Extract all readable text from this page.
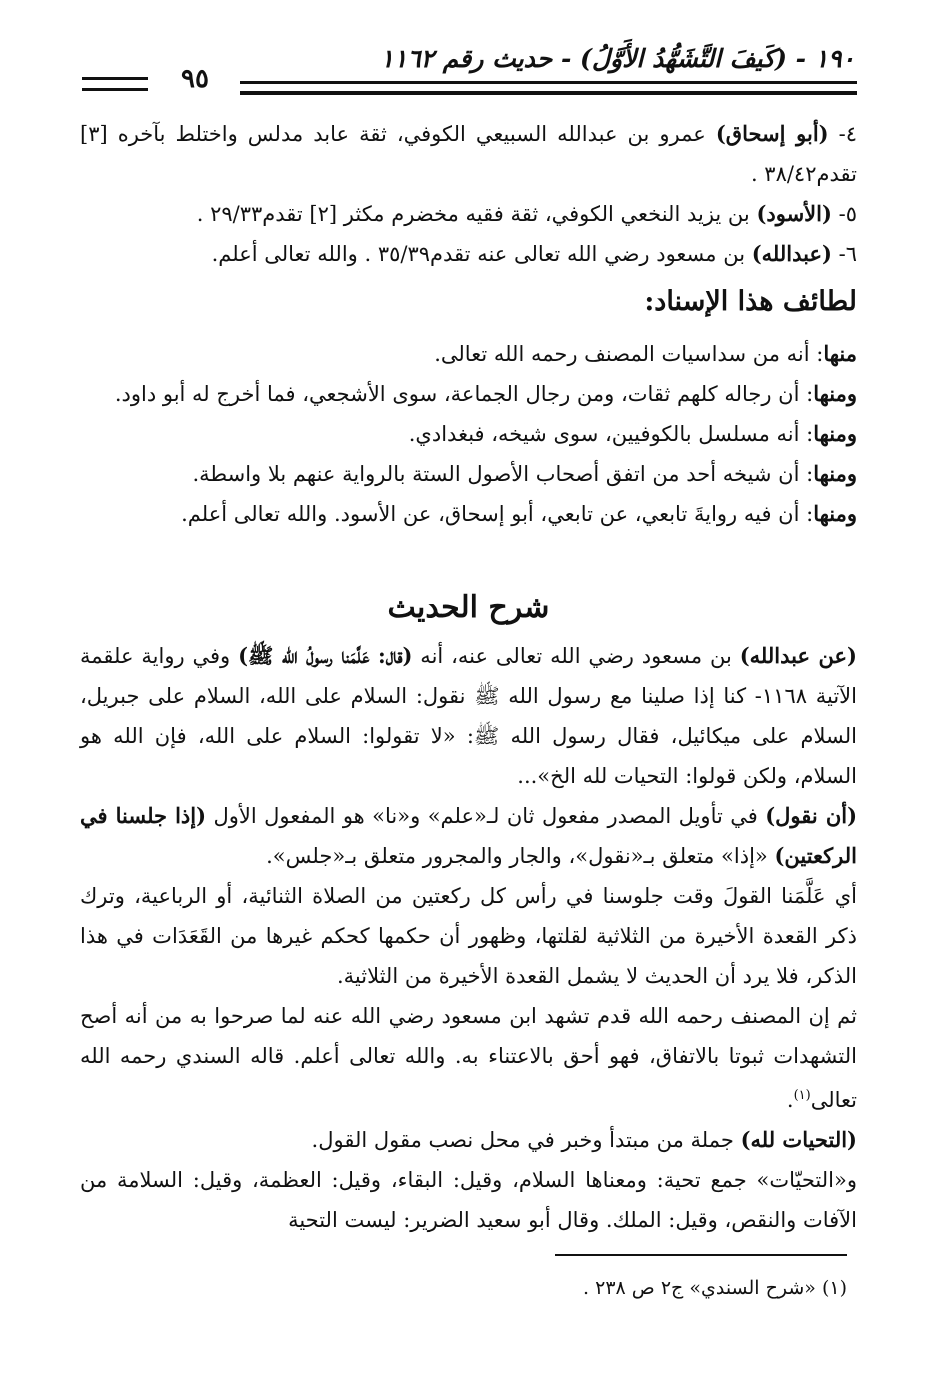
١٩٠ - (كَيفَ التَّشَهُّدُ الأَوَّلُ) - حديث رقم ١١٦٢
٩٥

٤- (أبو إسحاق) عمرو بن عبدالله السبيعي الكوفي، ثقة عابد مدلس واختلط بآخره [٣] تقدم٣٨/٤٢ .

٥- (الأسود) بن يزيد النخعي الكوفي، ثقة فقيه مخضرم مكثر [٢] تقدم٢٩/٣٣ .

٦- (عبدالله) بن مسعود رضي الله تعالى عنه تقدم٣٥/٣٩ . والله تعالى أعلم.

لطائف هذا الإسناد:

منها: أنه من سداسيات المصنف رحمه الله تعالى.

ومنها: أن رجاله كلهم ثقات، ومن رجال الجماعة، سوى الأشجعي، فما أخرج له أبو داود.

ومنها: أنه مسلسل بالكوفيين، سوى شيخه، فبغدادي.

ومنها: أن شيخه أحد من اتفق أصحاب الأصول الستة بالرواية عنهم بلا واسطة.

ومنها: أن فيه روايةَ تابعي، عن تابعي، أبو إسحاق، عن الأسود. والله تعالى أعلم.

شرح الحديث

(عن عبدالله) بن مسعود رضي الله تعالى عنه، أنه (قال: عَلَّمَنا رسولُ الله ﷺ) وفي رواية علقمة الآتية ١١٦٨- كنا إذا صلينا مع رسول الله ﷺ نقول: السلام على الله، السلام على جبريل، السلام على ميكائيل، فقال رسول الله ﷺ: «لا تقولوا: السلام على الله، فإن الله هو السلام، ولكن قولوا: التحيات لله الخ»...

(أن نقول) في تأويل المصدر مفعول ثان لـ«علم» و«نا» هو المفعول الأول (إذا جلسنا في الركعتين) «إذا» متعلق بـ«نقول»، والجار والمجرور متعلق بـ«جلس».

أي عَلَّمَنا القولَ وقت جلوسنا في رأس كل ركعتين من الصلاة الثنائية، أو الرباعية، وترك ذكر القعدة الأخيرة من الثلاثية لقلتها، وظهور أن حكمها كحكم غيرها من القَعَدَات في هذا الذكر، فلا يرد أن الحديث لا يشمل القعدة الأخيرة من الثلاثية.

ثم إن المصنف رحمه الله قدم تشهد ابن مسعود رضي الله عنه لما صرحوا به من أنه أصح التشهدات ثبوتا بالاتفاق، فهو أحق بالاعتناء به. والله تعالى أعلم. قاله السندي رحمه الله تعالى$^{(١)}$.

(التحيات لله) جملة من مبتدأ وخبر في محل نصب مقول القول.

و«التحيّات» جمع تحية: ومعناها السلام، وقيل: البقاء، وقيل: العظمة، وقيل: السلامة من الآفات والنقص، وقيل: الملك. وقال أبو سعيد الضرير: ليست التحية

(١) «شرح السندي» ج٢ ص ٢٣٨ .
